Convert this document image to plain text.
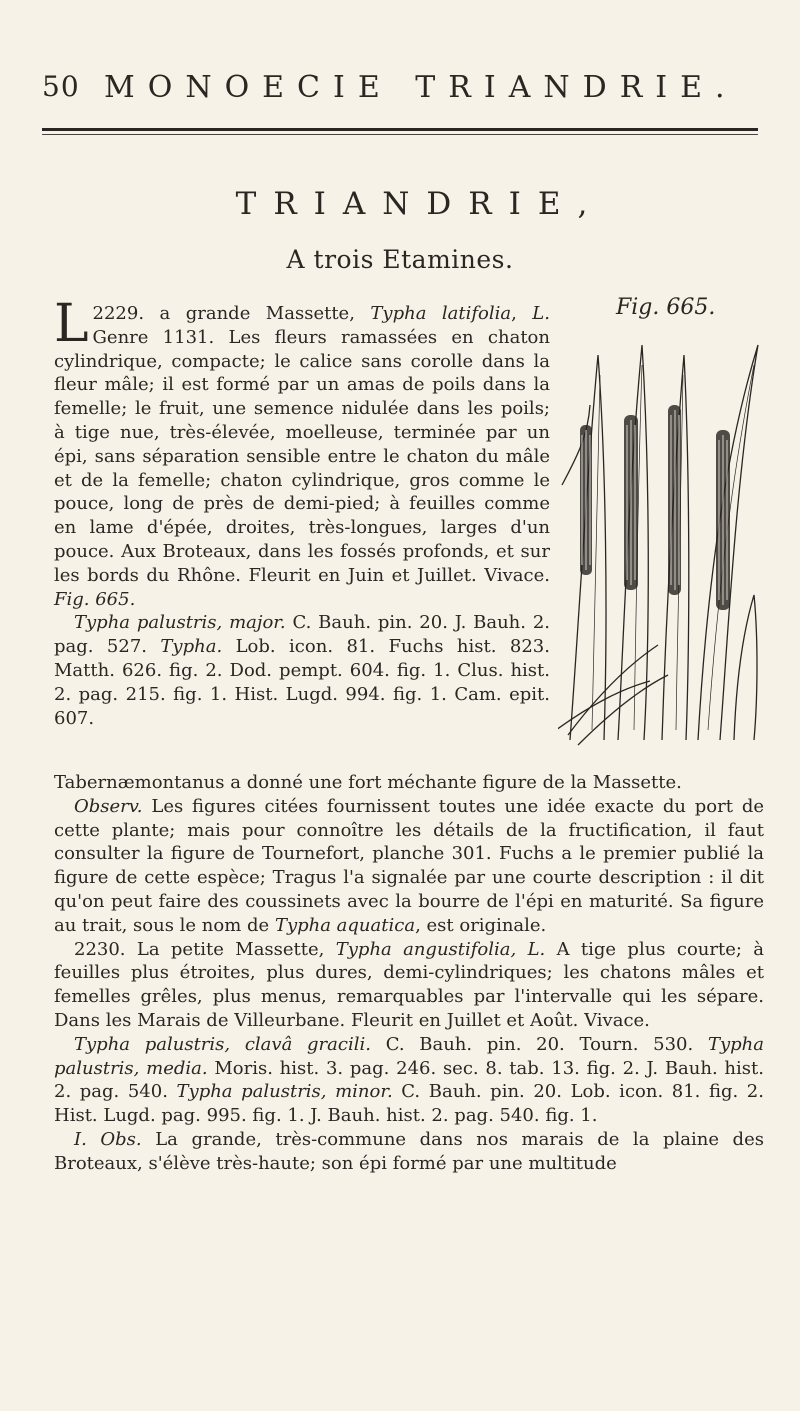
50 MONOECIE TRIANDRIE.
TRIANDRIE,
A trois Etamines.
Fig. 665.

2229.
L	a grande Massette, Typha latifolia, L. Genre 1131. Les fleurs ramassées en chaton cylindrique, compacte; le calice sans corolle dans la fleur mâle; il est formé par un amas de poils dans la femelle; le fruit, une semence nidulée dans les poils; à tige nue, très-élevée, moelleuse, terminée par un épi, sans séparation sensible entre le chaton du mâle et de la femelle; chaton cylindrique, gros comme le pouce, long de près de demi-pied; à feuilles comme en lame d'épée, droites, très-longues, larges d'un pouce. Aux Broteaux, dans les fossés profonds, et sur les bords du Rhône. Fleurit en Juin et Juillet. Vivace. Fig. 665.

Typha palustris, major. C. Bauh. pin. 20. J. Bauh. 2. pag. 527. Typha. Lob. icon. 81. Fuchs hist. 823. Matth. 626. fig. 2. Dod. pempt. 604. fig. 1. Clus. hist. 2. pag. 215. fig. 1. Hist. Lugd. 994. fig. 1. Cam. epit. 607.

Tabernæmontanus a donné une fort méchante figure de la Massette.

Observ. Les figures citées fournissent toutes une idée exacte du port de cette plante; mais pour connoître les détails de la fructification, il faut consulter la figure de Tournefort, planche 301. Fuchs a le premier publié la figure de cette espèce; Tragus l'a signalée par une courte description : il dit qu'on peut faire des coussinets avec la bourre de l'épi en maturité. Sa figure au trait, sous le nom de Typha aquatica, est originale.

2230. La petite Massette, Typha angustifolia, L. A tige plus courte; à feuilles plus étroites, plus dures, demi-cylindriques; les chatons mâles et femelles grêles, plus menus, remarquables par l'intervalle qui les sépare. Dans les Marais de Villeurbane. Fleurit en Juillet et Août. Vivace.

Typha palustris, clavâ gracili. C. Bauh. pin. 20. Tourn. 530. Typha palustris, media. Moris. hist. 3. pag. 246. sec. 8. tab. 13. fig. 2. J. Bauh. hist. 2. pag. 540. Typha palustris, minor. C. Bauh. pin. 20. Lob. icon. 81. fig. 2. Hist. Lugd. pag. 995. fig. 1. J. Bauh. hist. 2. pag. 540. fig. 1.

I. Obs. La grande, très-commune dans nos marais de la plaine des Broteaux, s'élève très-haute; son épi formé par une multitude
